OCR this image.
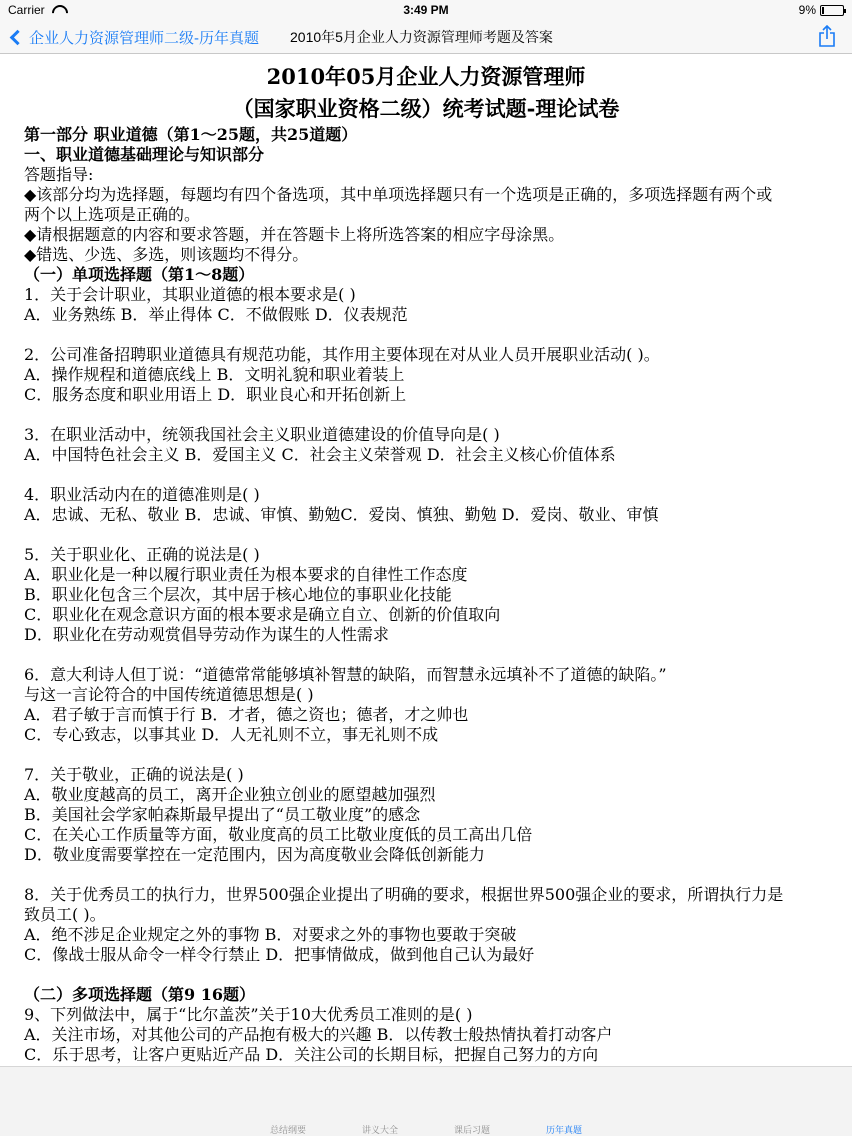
Carrier	3:49 PM	9%
企业人力资源管理师二级-历年真题 2010年5月企业人力资源管理师考题及答案
2010年05月企业人力资源管理师
（国家职业资格二级）统考试题-理论试卷
第一部分 职业道德（第1～25题，共25道题）
一、职业道德基础理论与知识部分
答题指导:
◆该部分均为选择题，每题均有四个备选项，其中单项选择题只有一个选项是正确的，多项选择题有两个或
两个以上选项是正确的。
◆请根据题意的内容和要求答题，并在答题卡上将所选答案的相应字母涂黑。
◆错选、少选、多选，则该题均不得分。
（一）单项选择题（第1～8题）
1．关于会计职业，其职业道德的根本要求是( )
A．业务熟练 B．举止得体 C．不做假账 D．仪表规范
2．公司准备招聘职业道德具有规范功能，其作用主要体现在对从业人员开展职业活动( )。
A．操作规程和道德底线上 B．文明礼貌和职业着装上
C．服务态度和职业用语上 D．职业良心和开拓创新上
3．在职业活动中，统领我国社会主义职业道德建设的价值导向是( )
A．中国特色社会主义 B．爱国主义 C．社会主义荣誉观 D．社会主义核心价值体系
4．职业活动内在的道德准则是( )
A．忠诚、无私、敬业 B．忠诚、审慎、勤勉C．爱岗、慎独、勤勉 D．爱岗、敬业、审慎
5．关于职业化、正确的说法是( )
A．职业化是一种以履行职业责任为根本要求的自律性工作态度
B．职业化包含三个层次，其中居于核心地位的事职业化技能
C．职业化在观念意识方面的根本要求是确立自立、创新的价值取向
D．职业化在劳动观赏倡导劳动作为谋生的人性需求
6．意大利诗人但丁说：“道德常常能够填补智慧的缺陷，而智慧永远填补不了道德的缺陷。”
与这一言论符合的中国传统道德思想是( )
A．君子敏于言而慎于行 B．才者，德之资也；德者，才之帅也
C．专心致志，以事其业 D．人无礼则不立，事无礼则不成
7．关于敬业，正确的说法是( )
A．敬业度越高的员工，离开企业独立创业的愿望越加强烈
B．美国社会学家帕森斯最早提出了“员工敬业度”的感念
C．在关心工作质量等方面，敬业度高的员工比敬业度低的员工高出几倍
D．敬业度需要掌控在一定范围内，因为高度敬业会降低创新能力
8．关于优秀员工的执行力，世界500强企业提出了明确的要求，根据世界500强企业的要求，所谓执行力是
致员工( )。
A．绝不涉足企业规定之外的事物 B．对要求之外的事物也要敢于突破
C．像战士服从命令一样令行禁止 D．把事情做成，做到他自己认为最好
（二）多项选择题（第9 16题）
9、下列做法中，属于“比尔盖茨”关于10大优秀员工准则的是( )
A．关注市场，对其他公司的产品抱有极大的兴趣 B．以传教士般热情执着打动客户
C．乐于思考，让客户更贴近产品 D．关注公司的长期目标，把握自己努力的方向
总结纲要	讲义大全	课后习题	历年真题
